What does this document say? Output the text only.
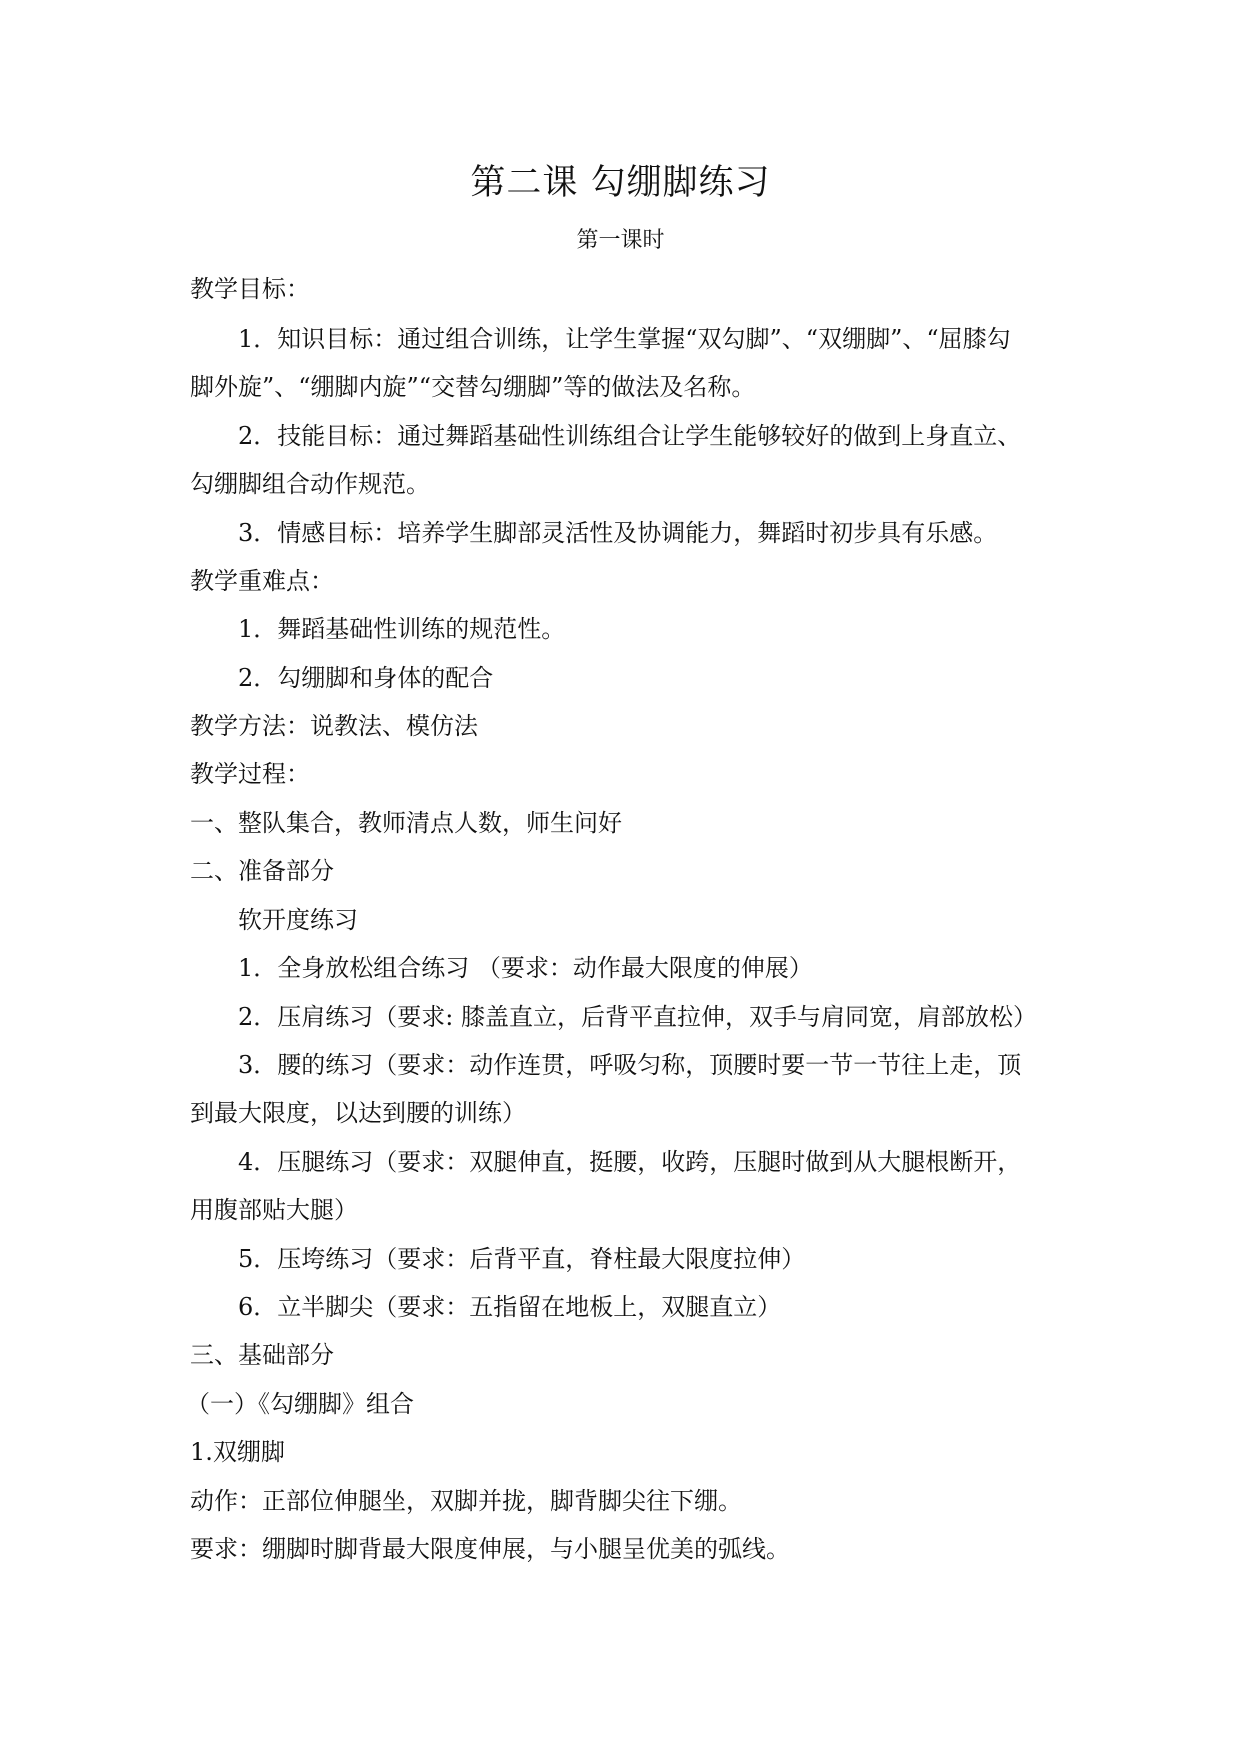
第二课 勾绷脚练习

第一课时

教学目标：

1．知识目标：通过组合训练，让学生掌握“双勾脚”、“双绷脚”、“屈膝勾

脚外旋”、“绷脚内旋”“交替勾绷脚”等的做法及名称。

2．技能目标：通过舞蹈基础性训练组合让学生能够较好的做到上身直立、

勾绷脚组合动作规范。

3．情感目标：培养学生脚部灵活性及协调能力，舞蹈时初步具有乐感。

教学重难点：

1．舞蹈基础性训练的规范性。

2．勾绷脚和身体的配合

教学方法：说教法、模仿法

教学过程：

一、整队集合，教师清点人数，师生问好

二、准备部分

软开度练习

1．全身放松组合练习 （要求：动作最大限度的伸展）

2．压肩练习（要求: 膝盖直立，后背平直拉伸，双手与肩同宽，肩部放松）

3．腰的练习（要求：动作连贯，呼吸匀称，顶腰时要一节一节往上走，顶

到最大限度，以达到腰的训练）

4．压腿练习（要求：双腿伸直，挺腰，收跨，压腿时做到从大腿根断开，

用腹部贴大腿）

5．压垮练习（要求：后背平直，脊柱最大限度拉伸）

6．立半脚尖（要求：五指留在地板上，双腿直立）

三、基础部分

（一）《勾绷脚》组合

1.双绷脚

动作：正部位伸腿坐，双脚并拢，脚背脚尖往下绷。

要求：绷脚时脚背最大限度伸展，与小腿呈优美的弧线。
